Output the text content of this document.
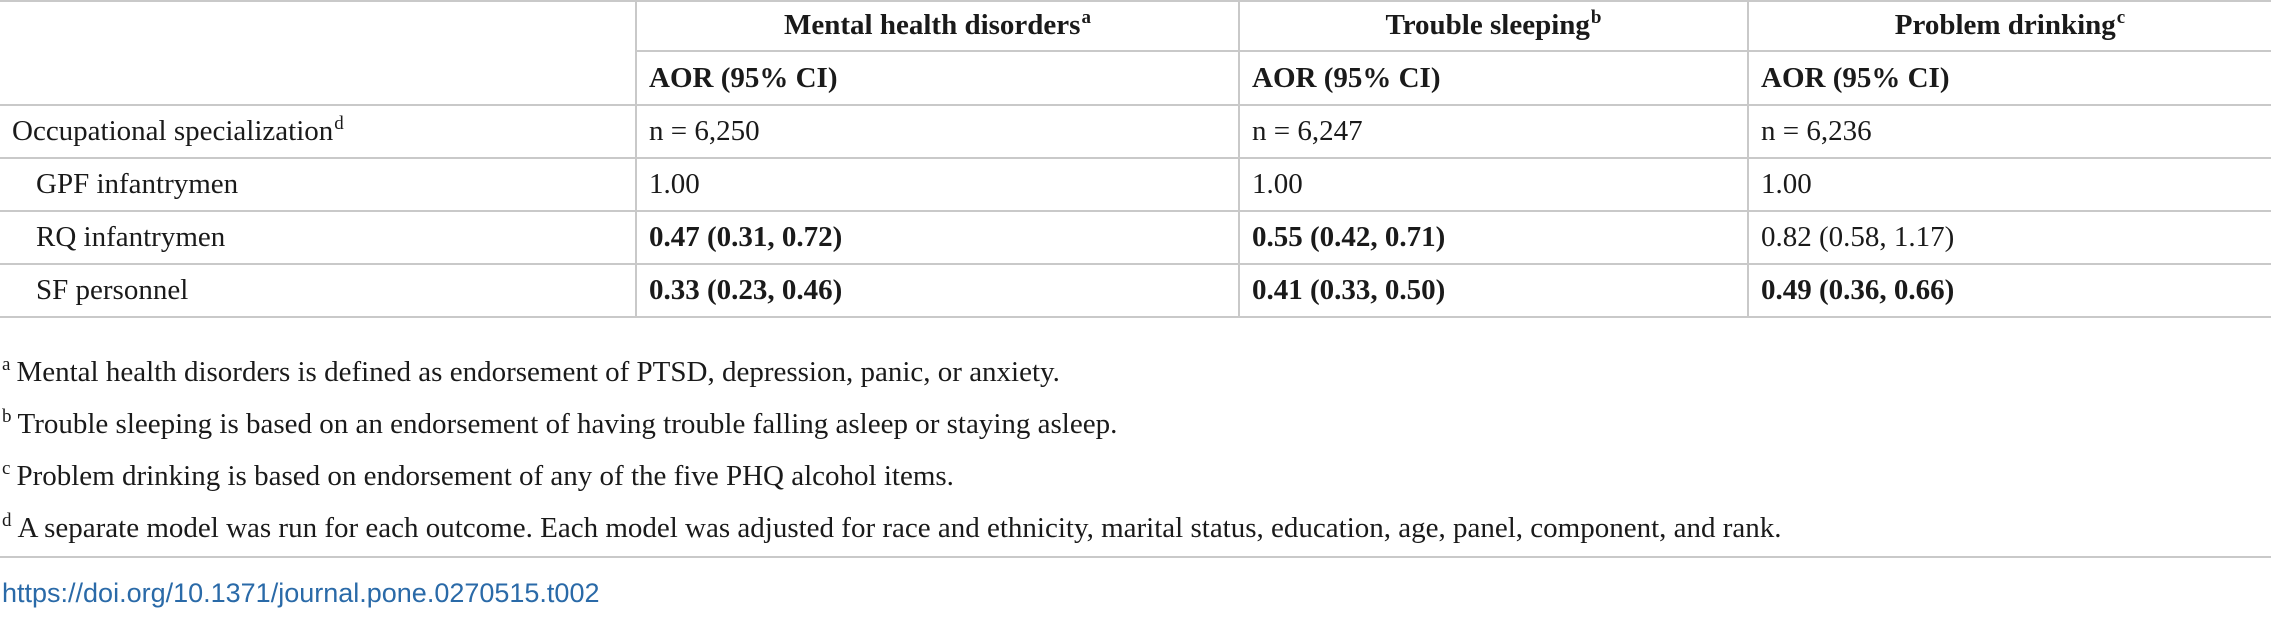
	Mental health disorders$^a$	Trouble sleeping$^b$	Problem drinking$^c$
	AOR (95% CI)	AOR (95% CI)	AOR (95% CI)
Occupational specialization$^d$	n = 6,250	n = 6,247	n = 6,236
GPF infantrymen	1.00	1.00	1.00
RQ infantrymen	0.47 (0.31, 0.72)	0.55 (0.42, 0.71)	0.82 (0.58, 1.17)
SF personnel	0.33 (0.23, 0.46)	0.41 (0.33, 0.50)	0.49 (0.36, 0.66)
$^a$ Mental health disorders is defined as endorsement of PTSD, depression, panic, or anxiety.
$^b$ Trouble sleeping is based on an endorsement of having trouble falling asleep or staying asleep.
$^c$ Problem drinking is based on endorsement of any of the five PHQ alcohol items.
$^d$ A separate model was run for each outcome. Each model was adjusted for race and ethnicity, marital status, education, age, panel, component, and rank.
https://doi.org/10.1371/journal.pone.0270515.t002
